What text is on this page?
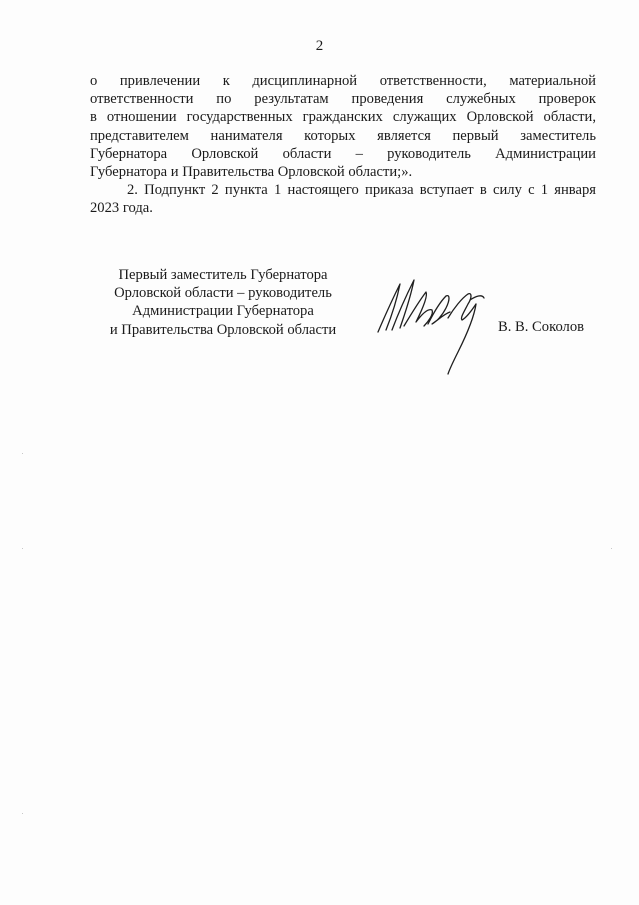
2
о привлечении к дисциплинарной ответственности, материальной
ответственности по результатам проведения служебных проверок
в отношении государственных гражданских служащих Орловской области,
представителем нанимателя которых является первый заместитель
Губернатора Орловской области – руководитель Администрации
Губернатора и Правительства Орловской области;».
2. Подпункт 2 пункта 1 настоящего приказа вступает в силу с 1 января
2023 года.
Первый заместитель Губернатора
Орловской области – руководитель
Администрации Губернатора
и Правительства Орловской области	В. В. Соколов
